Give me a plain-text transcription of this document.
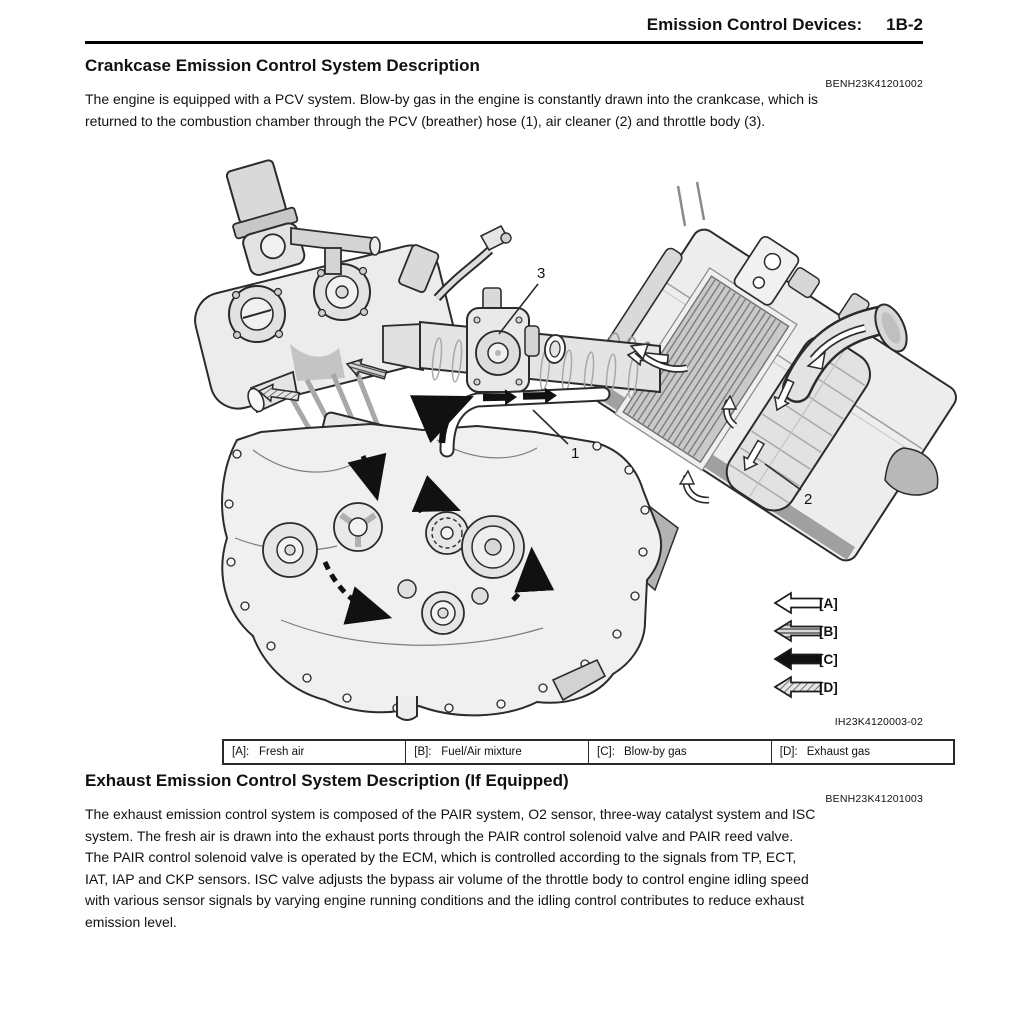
Emission Control Devices: 1B-2
Crankcase Emission Control System Description
BENH23K41201002
The engine is equipped with a PCV system. Blow-by gas in the engine is constantly drawn into the crankcase, which is
returned to the combustion chamber through the PCV (breather) hose (1), air cleaner (2) and throttle body (3).
IH23K4120003-02
[A]: Fresh air	[B]: Fuel/Air mixture	[C]: Blow-by gas	[D]: Exhaust gas
Exhaust Emission Control System Description (If Equipped)
BENH23K41201003
The exhaust emission control system is composed of the PAIR system, O2 sensor, three-way catalyst system and ISC
system. The fresh air is drawn into the exhaust ports through the PAIR control solenoid valve and PAIR reed valve.
The PAIR control solenoid valve is operated by the ECM, which is controlled according to the signals from TP, ECT,
IAT, IAP and CKP sensors. ISC valve adjusts the bypass air volume of the throttle body to control engine idling speed
with various sensor signals by varying engine running conditions and the idling control contributes to reduce exhaust
emission level.
3
1
2
[A]
[B]
[C]
[D]
